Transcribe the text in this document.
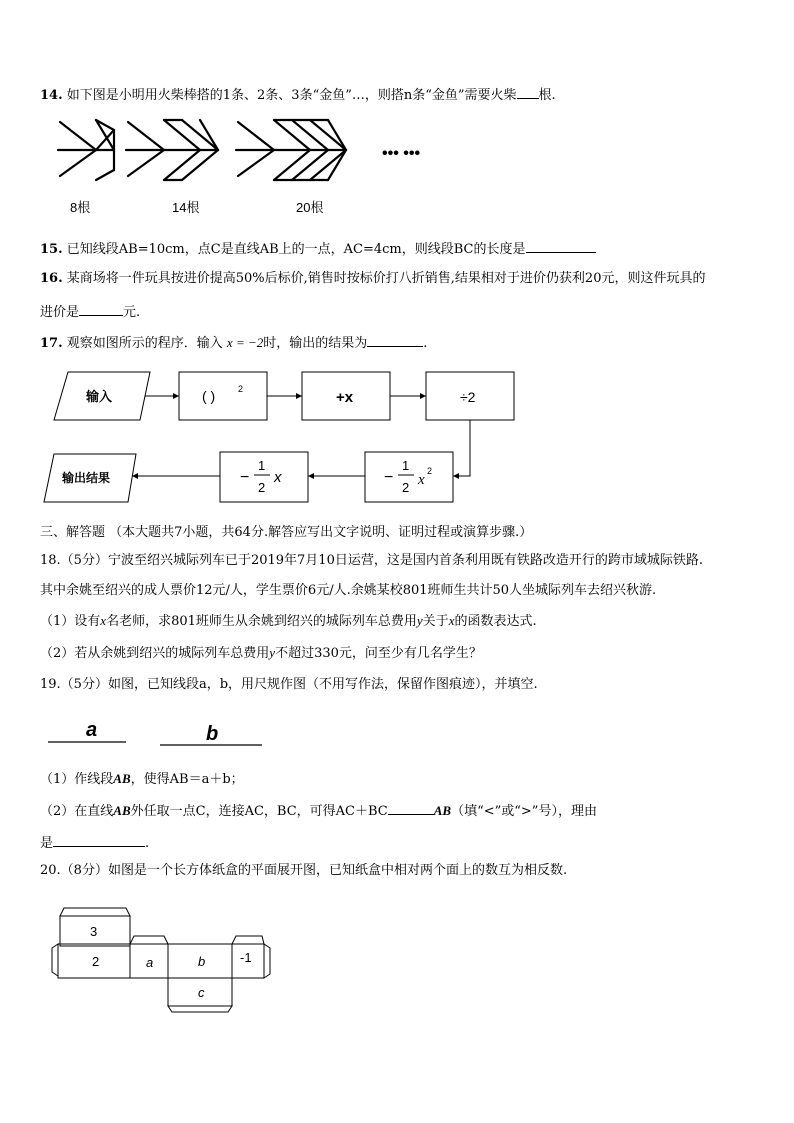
14. 如下图是小明用火柴棒搭的1条、2条、3条“金鱼”…，则搭n条“金鱼”需要火柴 根.
••• •••
8根	14根	20根
15. 已知线段AB=10cm，点C是直线AB上的一点，AC=4cm，则线段BC的长度是
16. 某商场将一件玩具按进价提高50%后标价,销售时按标价打八折销售,结果相对于进价仍获利20元，则这件玩具的
进价是	元.
17. 观察如图所示的程序．输入 x = −2时，输出的结果为	.
输入	( )	2	+x	÷2
−
1
2 x
2
−
1
2
x
输出结果
三、解答题 （本大题共7小题，共64分.解答应写出文字说明、证明过程或演算步骤.）
18.（5分）宁波至绍兴城际列车已于2019年7月10日运营，这是国内首条利用既有铁路改造开行的跨市域城际铁路.
其中余姚至绍兴的成人票价12元/人，学生票价6元/人.余姚某校801班师生共计50人坐城际列车去绍兴秋游.
（1）设有x名老师，求801班师生从余姚到绍兴的城际列车总费用y关于x的函数表达式.
（2）若从余姚到绍兴的城际列车总费用y不超过330元，问至少有几名学生？
19.（5分）如图，已知线段a，b，用尺规作图（不用写作法，保留作图痕迹），并填空.
a	b
（1）作线段AB，使得AB＝a＋b；
（2）在直线AB外任取一点C，连接AC，BC，可得AC＋BC	AB（填“<”或“>”号），理由
是	.
20.（8分）如图是一个长方体纸盒的平面展开图，已知纸盒中相对两个面上的数互为相反数.
3
2	a	b	-1
c
